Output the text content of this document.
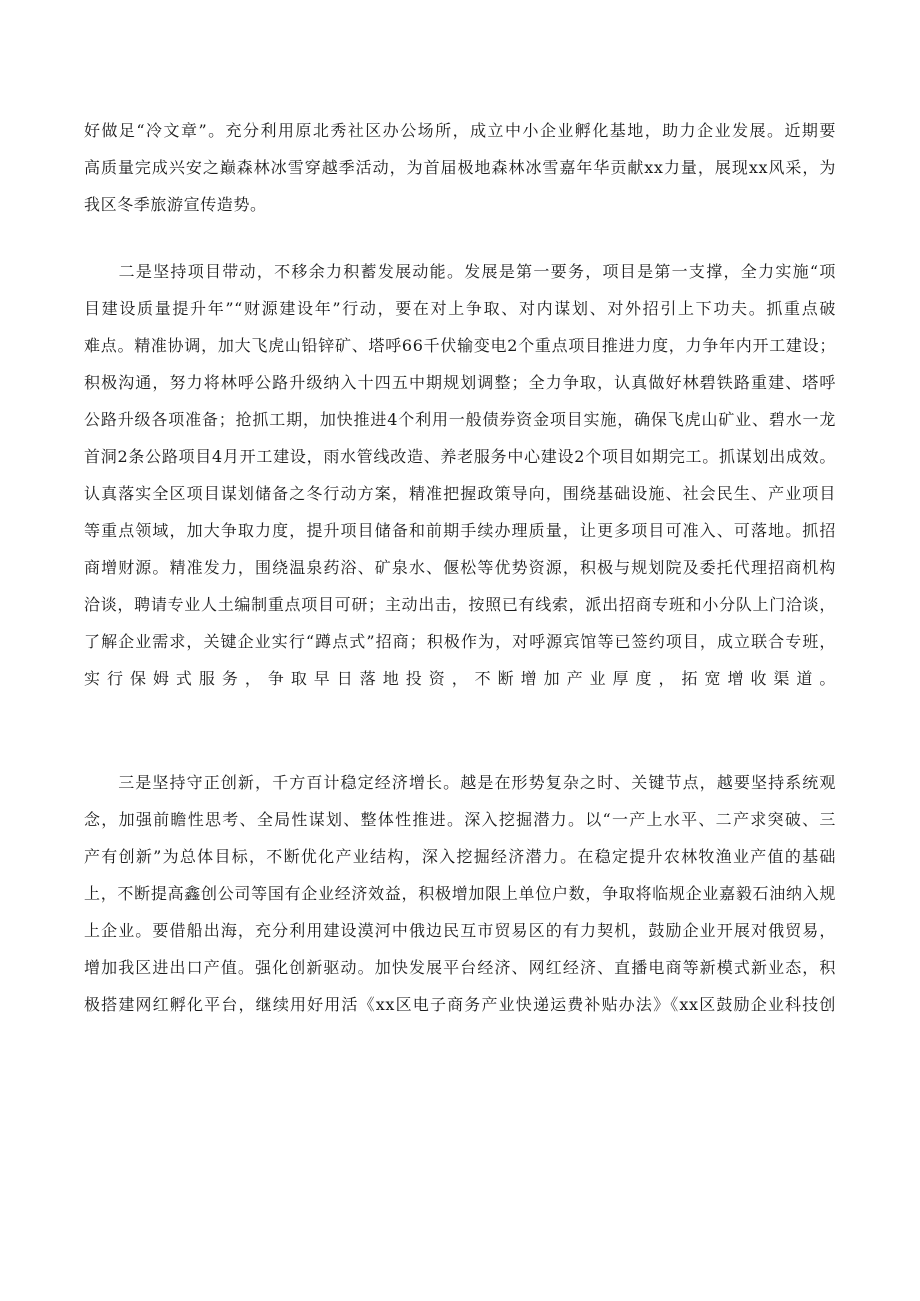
好做足“冷文章”。充分利用原北秀社区办公场所，成立中小企业孵化基地，助力企业发展。近期要
高质量完成兴安之巅森林冰雪穿越季活动，为首届极地森林冰雪嘉年华贡献xx力量，展现xx风采，为
我区冬季旅游宣传造势。
　　二是坚持项目带动，不移余力积蓄发展动能。发展是第一要务，项目是第一支撑，全力实施“项
目建设质量提升年”“财源建设年”行动，要在对上争取、对内谋划、对外招引上下功夫。抓重点破
难点。精准协调，加大飞虎山铅锌矿、塔呼66千伏输变电2个重点项目推进力度，力争年内开工建设；
积极沟通，努力将林呼公路升级纳入十四五中期规划调整；全力争取，认真做好林碧铁路重建、塔呼
公路升级各项准备；抢抓工期，加快推进4个利用一般债券资金项目实施，确保飞虎山矿业、碧水一龙
首洞2条公路项目4月开工建设，雨水管线改造、养老服务中心建设2个项目如期完工。抓谋划出成效。
认真落实全区项目谋划储备之冬行动方案，精准把握政策导向，围绕基础设施、社会民生、产业项目
等重点领域，加大争取力度，提升项目储备和前期手续办理质量，让更多项目可准入、可落地。抓招
商增财源。精准发力，围绕温泉药浴、矿泉水、偃松等优势资源，积极与规划院及委托代理招商机构
洽谈，聘请专业人土编制重点项目可研；主动出击，按照已有线索，派出招商专班和小分队上门洽谈，
了解企业需求，关键企业实行“蹲点式”招商；积极作为，对呼源宾馆等已签约项目，成立联合专班，
实行保姆式服务，争取早日落地投资，不断增加产业厚度，拓宽增收渠道。
　　三是坚持守正创新，千方百计稳定经济增长。越是在形势复杂之时、关键节点，越要坚持系统观
念，加强前瞻性思考、全局性谋划、整体性推进。深入挖掘潜力。以“一产上水平、二产求突破、三
产有创新”为总体目标，不断优化产业结构，深入挖掘经济潜力。在稳定提升农林牧渔业产值的基础
上，不断提高鑫创公司等国有企业经济效益，积极增加限上单位户数，争取将临规企业嘉毅石油纳入规
上企业。要借船出海，充分利用建设漠河中俄边民互市贸易区的有力契机，鼓励企业开展对俄贸易，
增加我区进出口产值。强化创新驱动。加快发展平台经济、网红经济、直播电商等新模式新业态，积
极搭建网红孵化平台，继续用好用活《xx区电子商务产业快递运费补贴办法》《xx区鼓励企业科技创
